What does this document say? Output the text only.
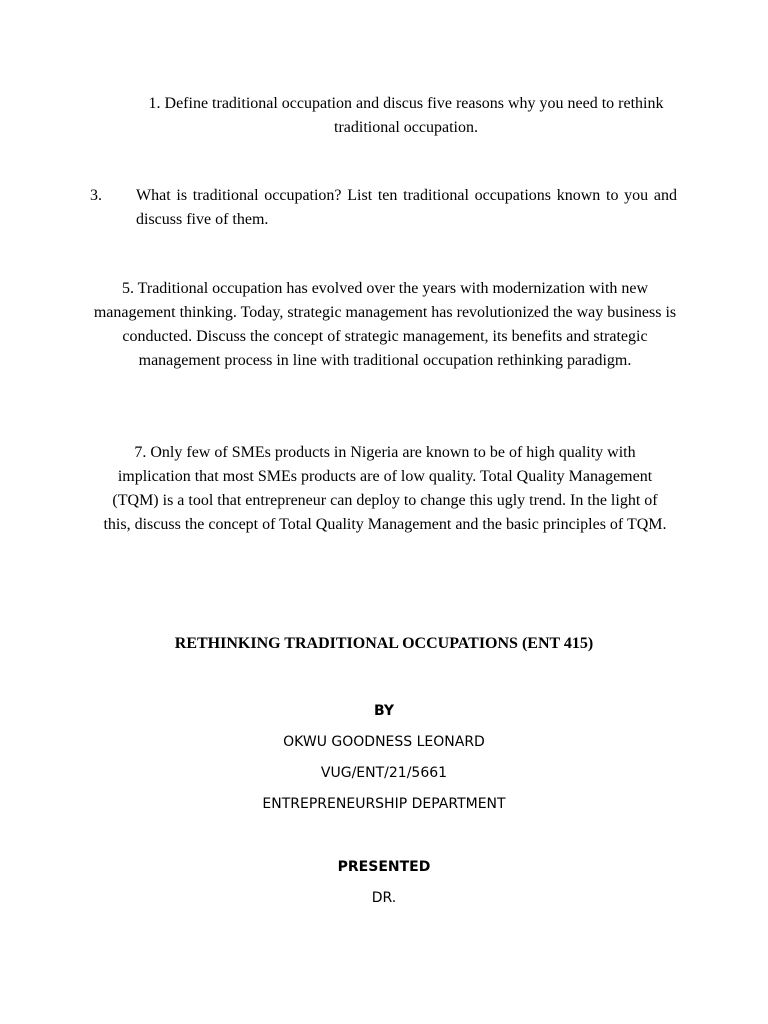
1. Define traditional occupation and discus five reasons why you need to rethink traditional occupation.

3. What is traditional occupation? List ten traditional occupations known to you and discuss five of them.

5. Traditional occupation has evolved over the years with modernization with new management thinking. Today, strategic management has revolutionized the way business is conducted. Discuss the concept of strategic management, its benefits and strategic management process in line with traditional occupation rethinking paradigm.

7. Only few of SMEs products in Nigeria are known to be of high quality with implication that most SMEs products are of low quality. Total Quality Management (TQM) is a tool that entrepreneur can deploy to change this ugly trend. In the light of this, discuss the concept of Total Quality Management and the basic principles of TQM.

RETHINKING TRADITIONAL OCCUPATIONS (ENT 415)

BY

OKWU GOODNESS LEONARD

VUG/ENT/21/5661

ENTREPRENEURSHIP DEPARTMENT

PRESENTED

DR.
